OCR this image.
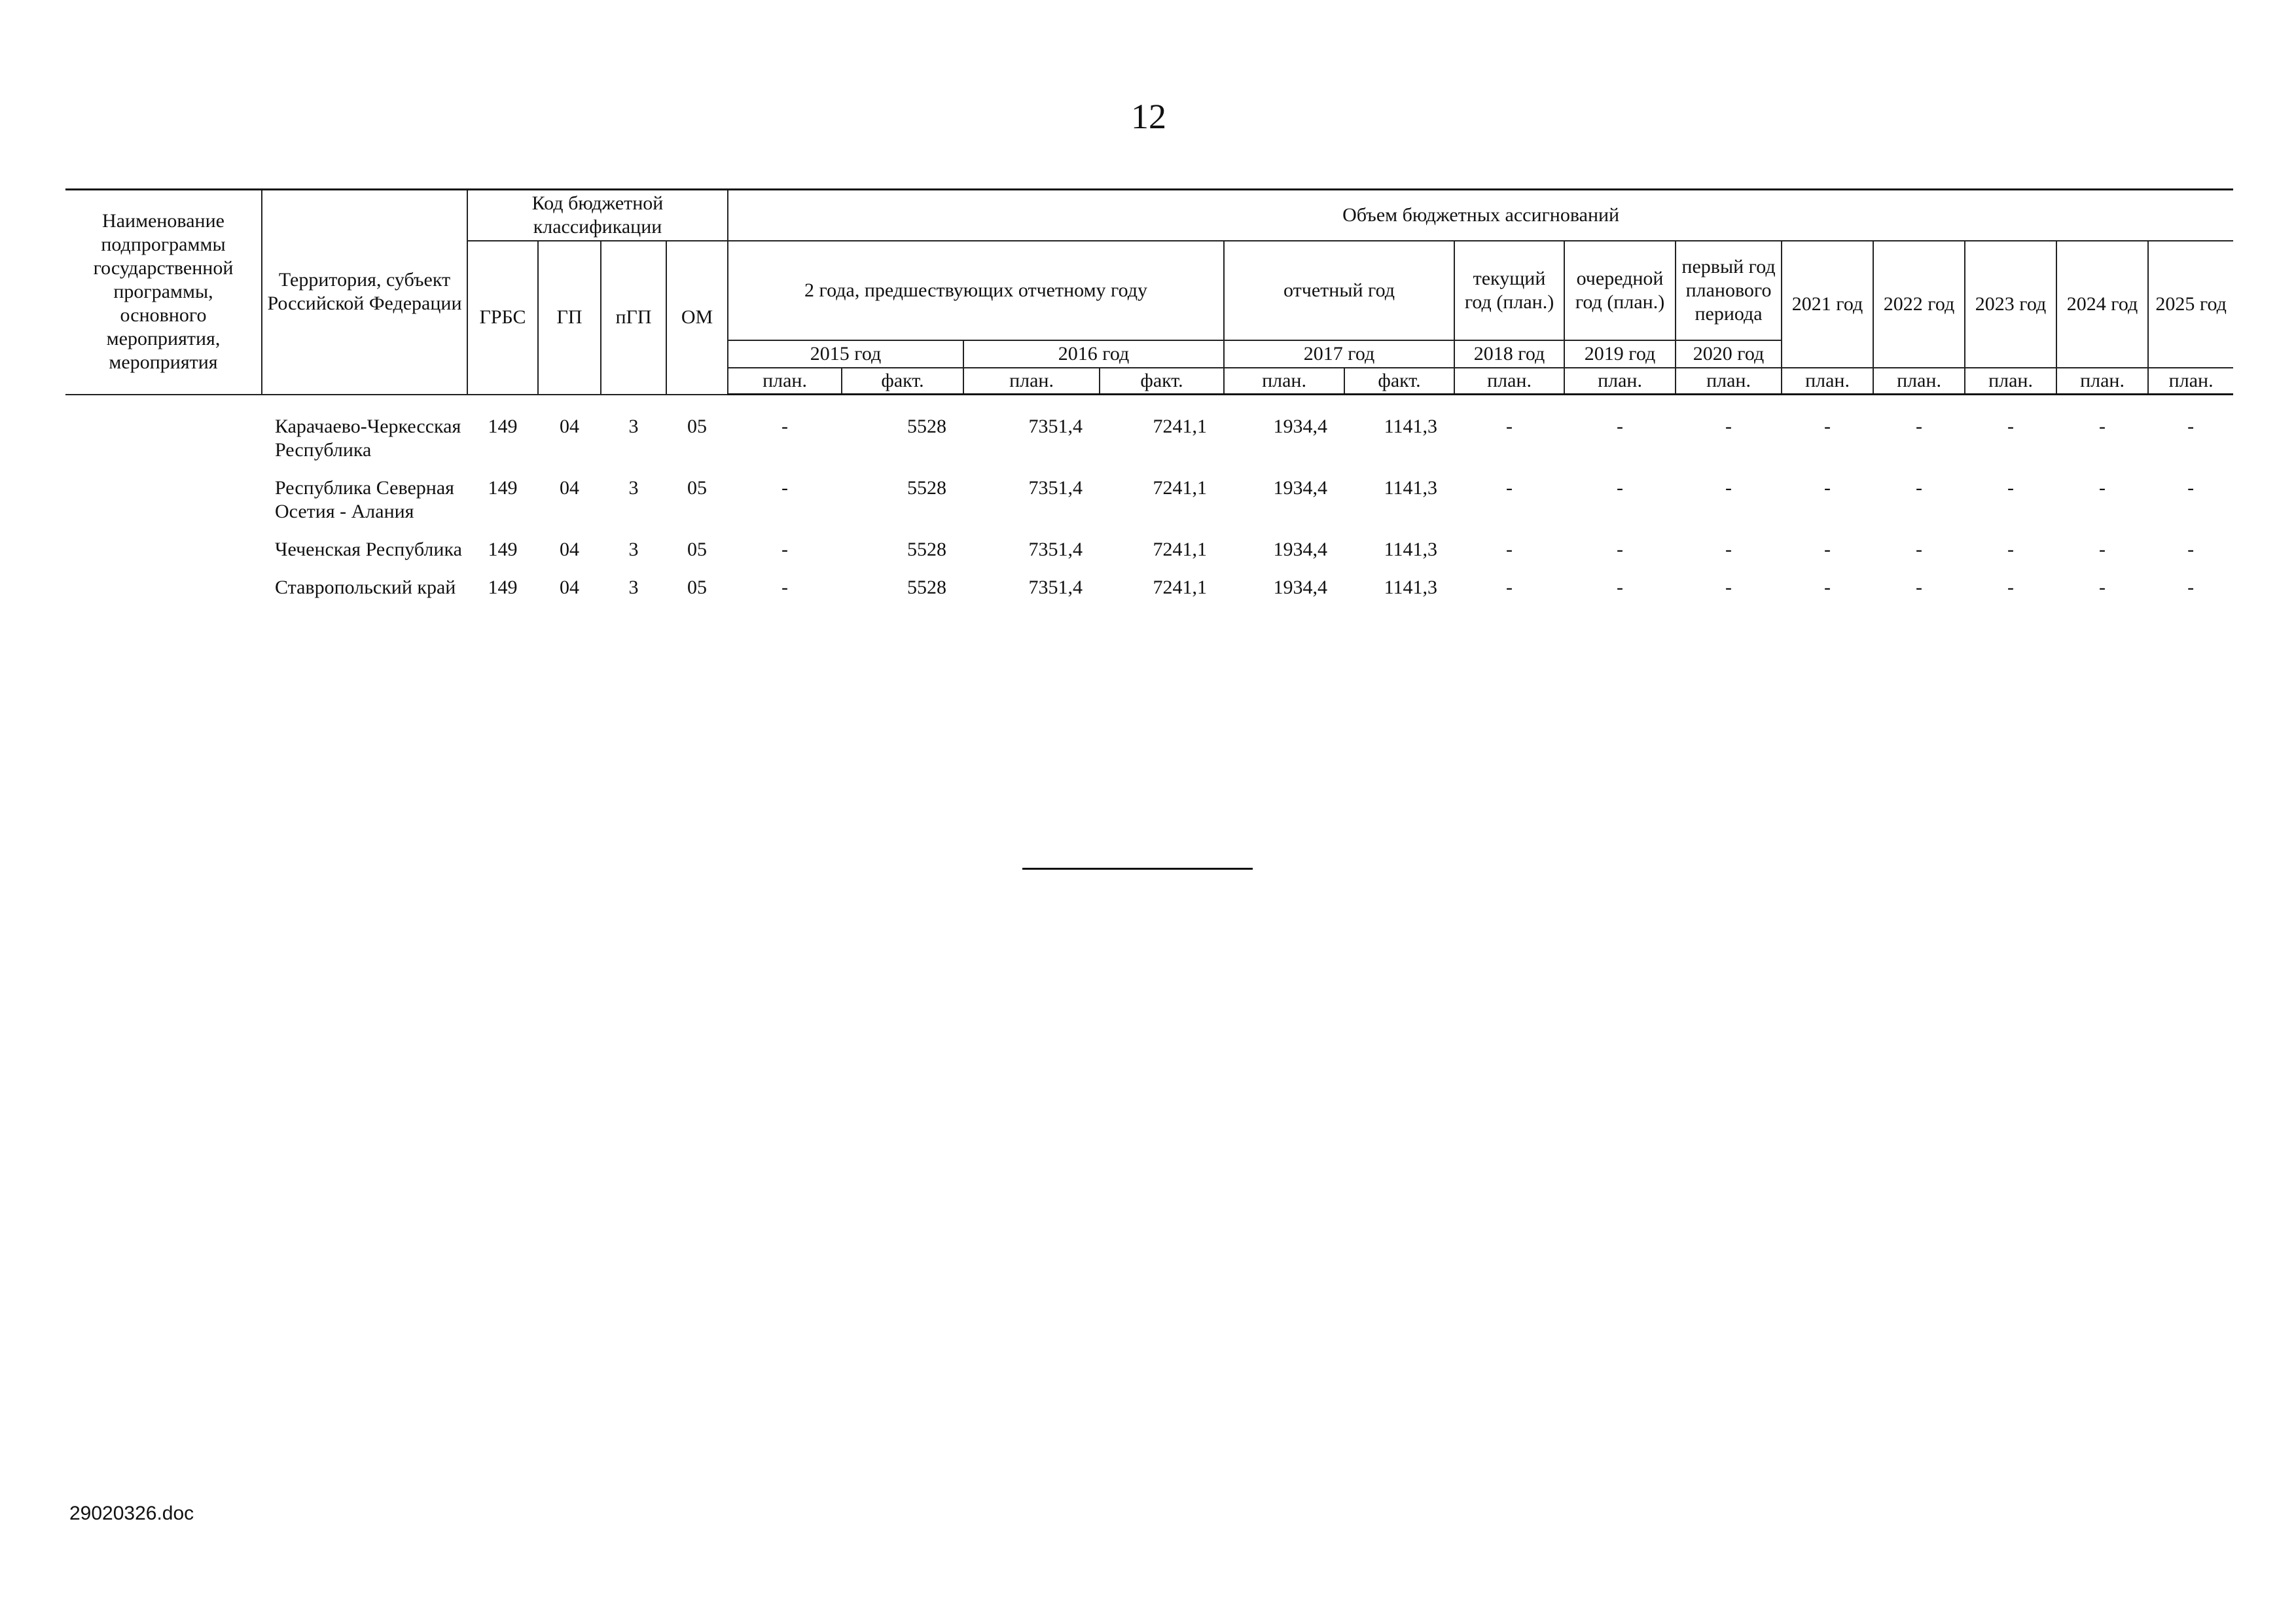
12
Наименование подпрограммы государственной программы, основного мероприятия, мероприятия	Территория, субъект Российской Федерации	Код бюджетной классификации				Объем бюджетных ассигнований													
		ГРБС	ГП	пГП	ОМ	2 года, предшествующих отчетному году				отчетный год		текущий год (план.)	очередной год (план.)	первый год планового периода	2021 год	2022 год	2023 год	2024 год	2025 год
						2015 год		2016 год		2017 год		2018 год	2019 год	2020 год					
						план.	факт.	план.	факт.	план.	факт.	план.	план.	план.	план.	план.	план.	план.	план.

	Карачаево-Черкесская Республика	149	04	3	05	-	5528	7351,4	7241,1	1934,4	1141,3	-	-	-	-	-	-	-	-
	Республика Северная Осетия - Алания	149	04	3	05	-	5528	7351,4	7241,1	1934,4	1141,3	-	-	-	-	-	-	-	-
	Чеченская Республика	149	04	3	05	-	5528	7351,4	7241,1	1934,4	1141,3	-	-	-	-	-	-	-	-
	Ставропольский край	149	04	3	05	-	5528	7351,4	7241,1	1934,4	1141,3	-	-	-	-	-	-	-	-
29020326.doc
